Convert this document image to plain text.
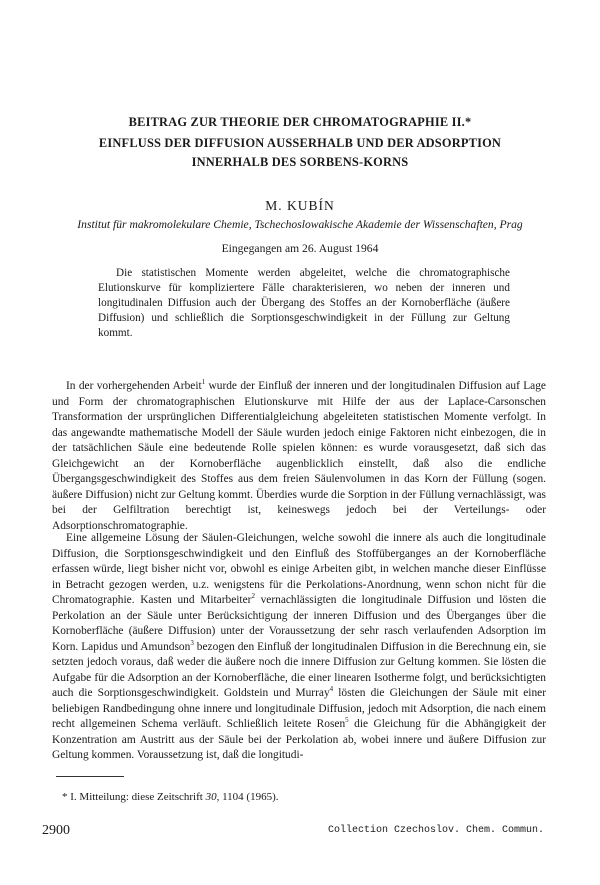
BEITRAG ZUR THEORIE DER CHROMATOGRAPHIE II.*
EINFLUSS DER DIFFUSION AUSSERHALB UND DER ADSORPTION
INNERHALB DES SORBENS-KORNS
M. KUBÍN
Institut für makromolekulare Chemie, Tschechoslowakische Akademie der Wissenschaften, Prag
Eingegangen am 26. August 1964

Die statistischen Momente werden abgeleitet, welche die chromatographische Elutionskurve für kompliziertere Fälle charakterisieren, wo neben der inneren und longitudinalen Diffusion auch der Übergang des Stoffes an der Kornoberfläche (äußere Diffusion) und schließlich die Sorptionsgeschwindigkeit in der Füllung zur Geltung kommt.

In der vorhergehenden Arbeit$^1$ wurde der Einfluß der inneren und der longitudinalen Diffusion auf Lage und Form der chromatographischen Elutionskurve mit Hilfe der aus der Laplace-Carsonschen Transformation der ursprünglichen Differentialgleichung abgeleiteten statistischen Momente verfolgt. In das angewandte mathematische Modell der Säule wurden jedoch einige Faktoren nicht einbezogen, die in der tatsächlichen Säule eine bedeutende Rolle spielen können: es wurde vorausgesetzt, daß sich das Gleichgewicht an der Kornoberfläche augenblicklich einstellt, daß also die endliche Übergangsgeschwindigkeit des Stoffes aus dem freien Säulenvolumen in das Korn der Füllung (sogen. äußere Diffusion) nicht zur Geltung kommt. Überdies wurde die Sorption in der Füllung vernachlässigt, was bei der Gelfiltration berechtigt ist, keineswegs jedoch bei der Verteilungs- oder Adsorptionschromatographie.

Eine allgemeine Lösung der Säulen-Gleichungen, welche sowohl die innere als auch die longitudinale Diffusion, die Sorptionsgeschwindigkeit und den Einfluß des Stoffüberganges an der Kornoberfläche erfassen würde, liegt bisher nicht vor, obwohl es einige Arbeiten gibt, in welchen manche dieser Einflüsse in Betracht gezogen werden, u.z. wenigstens für die Perkolations-Anordnung, wenn schon nicht für die Chromatographie. Kasten und Mitarbeiter$^2$ vernachlässigten die longitudinale Diffusion und lösten die Perkolation an der Säule unter Berücksichtigung der inneren Diffusion und des Überganges über die Kornoberfläche (äußere Diffusion) unter der Voraussetzung der sehr rasch verlaufenden Adsorption im Korn. Lapidus und Amundson$^3$ bezogen den Einfluß der longitudinalen Diffusion in die Berechnung ein, sie setzten jedoch voraus, daß weder die äußere noch die innere Diffusion zur Geltung kommen. Sie lösten die Aufgabe für die Adsorption an der Kornoberfläche, die einer linearen Isotherme folgt, und berücksichtigten auch die Sorptionsgeschwindigkeit. Goldstein und Murray$^4$ lösten die Gleichungen der Säule mit einer beliebigen Randbedingung ohne innere und longitudinale Diffusion, jedoch mit Adsorption, die nach einem recht allgemeinen Schema verläuft. Schließlich leitete Rosen$^5$ die Gleichung für die Abhängigkeit der Konzentration am Austritt aus der Säule bei der Perkolation ab, wobei innere und äußere Diffusion zur Geltung kommen. Voraussetzung ist, daß die longitudi-

* I. Mitteilung: diese Zeitschrift 30, 1104 (1965).

2900	Collection Czechoslov. Chem. Commun.
